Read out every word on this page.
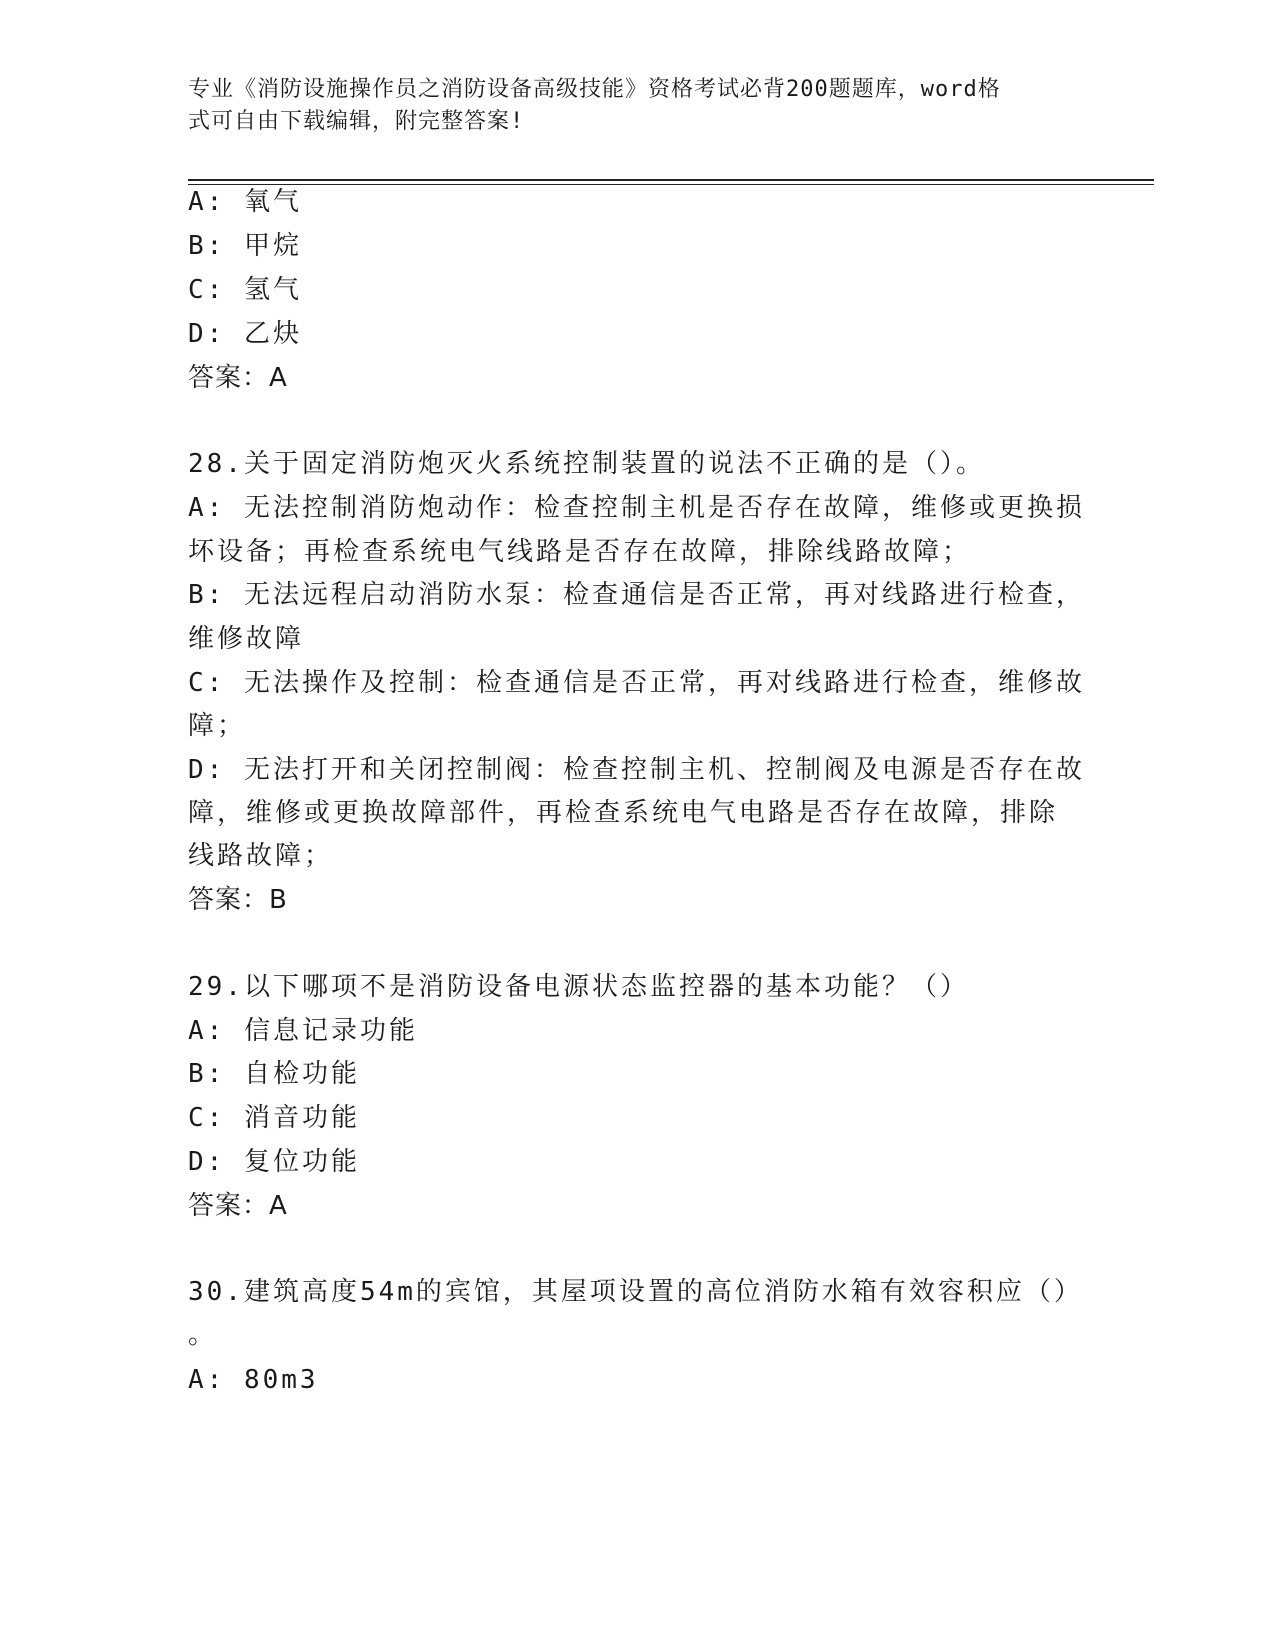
专业《消防设施操作员之消防设备高级技能》资格考试必背200题题库，word格
式可自由下载编辑，附完整答案!
A: 氧气
B: 甲烷
C: 氢气
D: 乙炔
答案：A
28.关于固定消防炮灭火系统控制装置的说法不正确的是（）。
A: 无法控制消防炮动作：检查控制主机是否存在故障，维修或更换损
坏设备；再检查系统电气线路是否存在故障，排除线路故障；
B: 无法远程启动消防水泵：检查通信是否正常，再对线路进行检查，
维修故障
C: 无法操作及控制：检查通信是否正常，再对线路进行检查，维修故
障；
D: 无法打开和关闭控制阀：检查控制主机、控制阀及电源是否存在故
障，维修或更换故障部件，再检查系统电气电路是否存在故障，排除
线路故障；
答案：B
29.以下哪项不是消防设备电源状态监控器的基本功能？（）
A: 信息记录功能
B: 自检功能
C: 消音功能
D: 复位功能
答案：A
30.建筑高度54m的宾馆，其屋项设置的高位消防水箱有效容积应（）
。
A: 80m3
